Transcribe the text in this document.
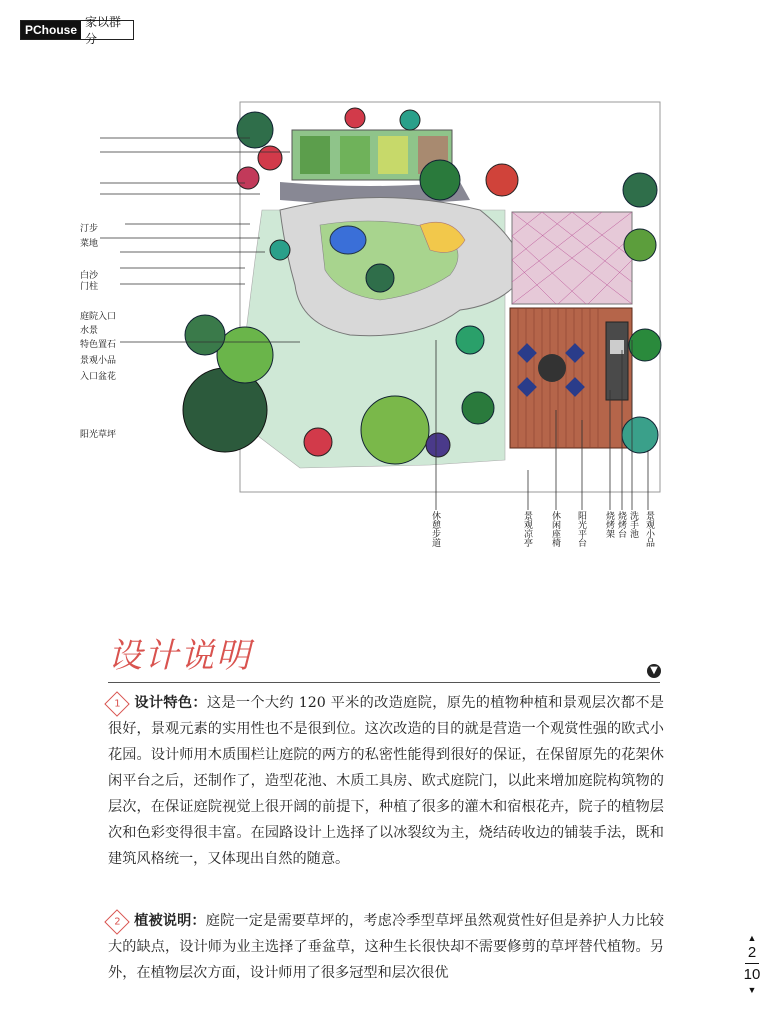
PChouse
家以群分
汀步
菜地
白沙
门柱
庭院入口
水景
特色置石
景观小品
入口盆花
阳光草坪
休憩步道	景观凉亭 休闲座椅 阳光平台 烧烤架 烧烤台 洗手池 景观小品
设计说明	▼
1 设计特色：这是一个大约 120 平米的改造庭院，原先的植物种植和景观层次都不是很好，景观元素的实用性也不是很到位。这次改造的目的就是营造一个观赏性强的欧式小花园。设计师用木质围栏让庭院的两方的私密性能得到很好的保证，在保留原先的花架休闲平台之后，还制作了，造型花池、木质工具房、欧式庭院门，以此来增加庭院构筑物的层次，在保证庭院视觉上很开阔的前提下，种植了很多的灌木和宿根花卉，院子的植物层次和色彩变得很丰富。在园路设计上选择了以冰裂纹为主，烧结砖收边的铺装手法，既和建筑风格统一，又体现出自然的随意。
2 植被说明：庭院一定是需要草坪的，考虑冷季型草坪虽然观赏性好但是养护人力比较大的缺点，设计师为业主选择了垂盆草，这种生长很快却不需要修剪的草坪替代植物。另外，在植物层次方面，设计师用了很多冠型和层次很优
▲
2
10
▼
